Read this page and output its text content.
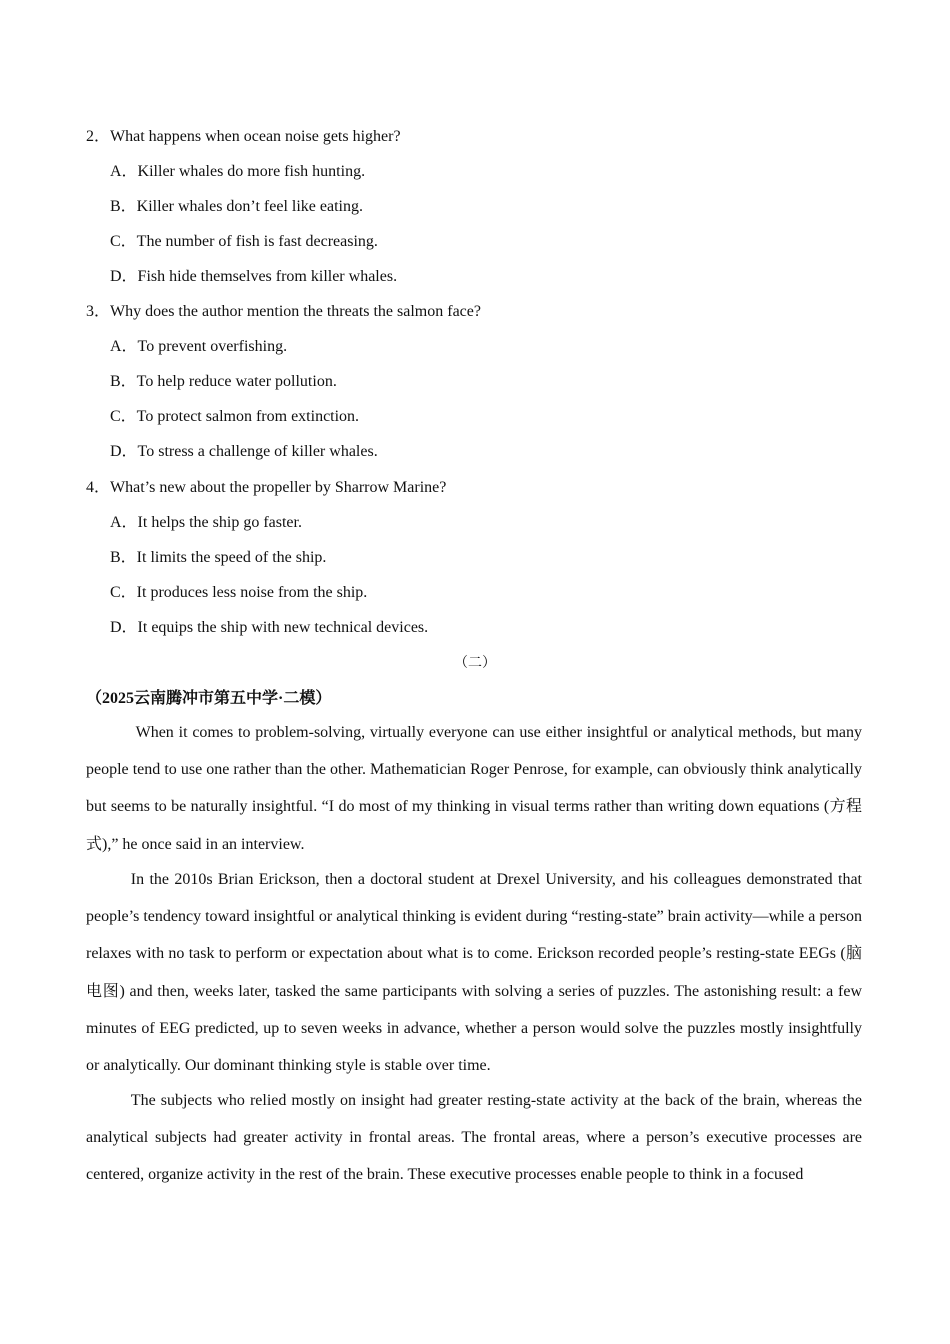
2．What happens when ocean noise gets higher?
A．Killer whales do more fish hunting.
B．Killer whales don’t feel like eating.
C．The number of fish is fast decreasing.
D．Fish hide themselves from killer whales.
3．Why does the author mention the threats the salmon face?
A．To prevent overfishing.
B．To help reduce water pollution.
C．To protect salmon from extinction.
D．To stress a challenge of killer whales.
4．What’s new about the propeller by Sharrow Marine?
A．It helps the ship go faster.
B．It limits the speed of the ship.
C．It produces less noise from the ship.
D．It equips the ship with new technical devices.
（二）
（2025云南腾冲市第五中学·二模）

When it comes to problem-solving, virtually everyone can use either insightful or analytical methods, but many people tend to use one rather than the other. Mathematician Roger Penrose, for example, can obviously think analytically but seems to be naturally insightful. “I do most of my thinking in visual terms rather than writing down equations (方程式),” he once said in an interview.

In the 2010s Brian Erickson, then a doctoral student at Drexel University, and his colleagues demonstrated that people’s tendency toward insightful or analytical thinking is evident during “resting-state” brain activity—while a person relaxes with no task to perform or expectation about what is to come. Erickson recorded people’s resting-state EEGs (脑电图) and then, weeks later, tasked the same participants with solving a series of puzzles. The astonishing result: a few minutes of EEG predicted, up to seven weeks in advance, whether a person would solve the puzzles mostly insightfully or analytically. Our dominant thinking style is stable over time.

The subjects who relied mostly on insight had greater resting-state activity at the back of the brain, whereas the analytical subjects had greater activity in frontal areas. The frontal areas, where a person’s executive processes are centered, organize activity in the rest of the brain. These executive processes enable people to think in a focused
